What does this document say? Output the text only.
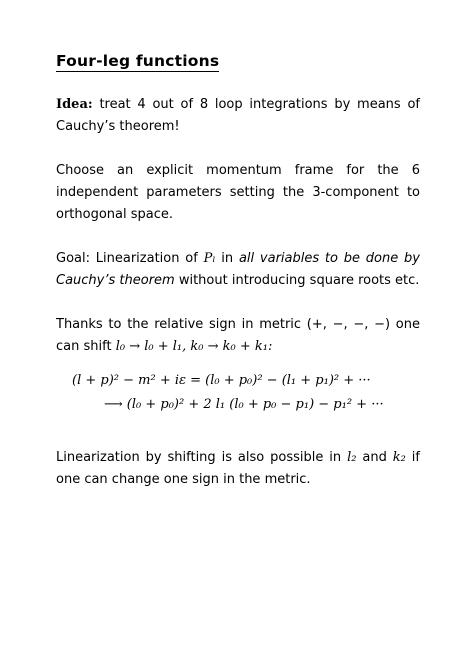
Four-leg functions
Idea: treat 4 out of 8 loop integrations by means of Cauchy’s theorem!
Choose an explicit momentum frame for the 6 independent parameters setting the 3-component to orthogonal space.
Goal: Linearization of Pₗ in all variables to be done by Cauchy’s theorem without introducing square roots etc.
Thanks to the relative sign in metric (+, −, −, −) one
can shift l₀ → l₀ + l₁, k₀ → k₀ + k₁:
(l + p)² − m² + iε = (l₀ + p₀)² − (l₁ + p₁)² + ···
⟶ (l₀ + p₀)² + 2 l₁ (l₀ + p₀ − p₁) − p₁² + ···
Linearization by shifting is also possible in l₂ and k₂ if one can change one sign in the metric.
